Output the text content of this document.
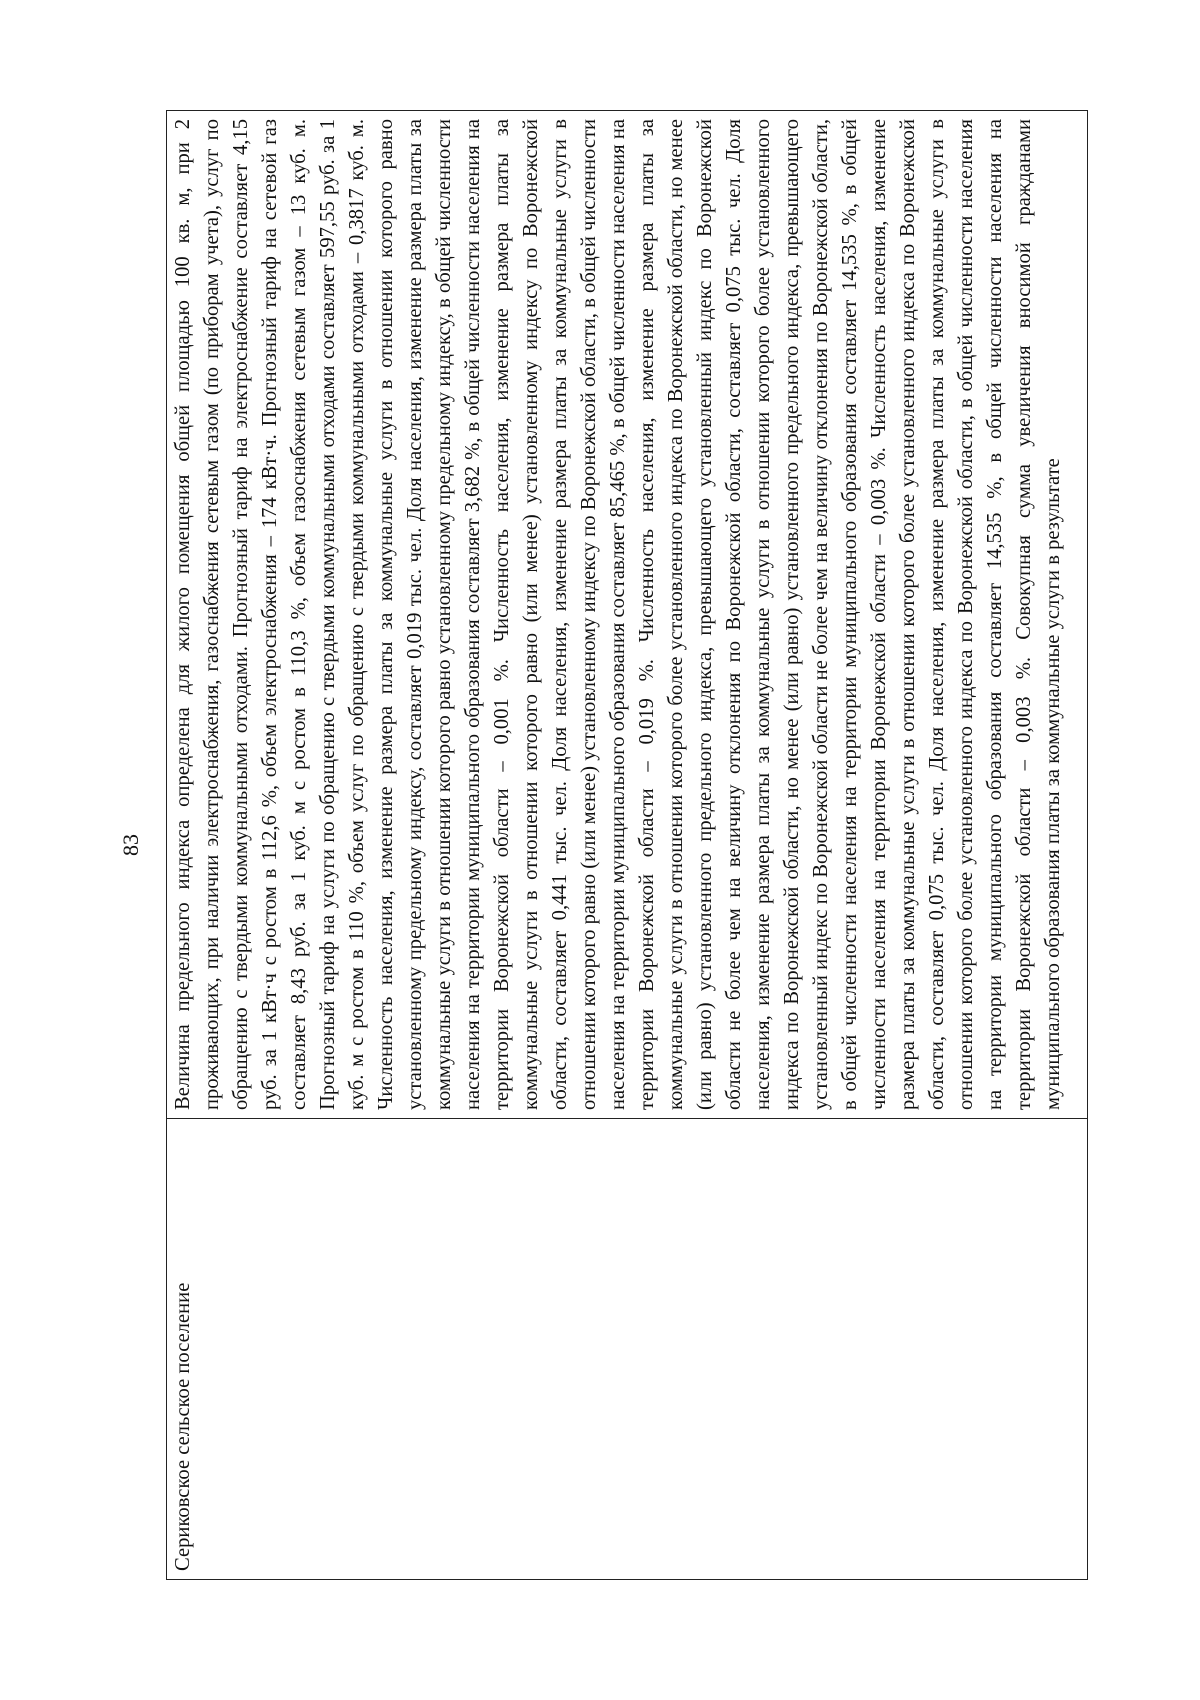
83
Сериковское сельское поселение	Величина предельного индекса определена для жилого помещения общей площадью 100 кв. м, при 2 проживающих, при наличии электроснабжения, газоснабжения сетевым газом (по приборам учета), услуг по обращению с твердыми коммунальными отходами. Прогнозный тариф на электроснабжение составляет 4,15 руб. за 1 кВт·ч с ростом в 112,6 %, объем электроснабжения – 174 кВт·ч. Прогнозный тариф на сетевой газ составляет 8,43 руб. за 1 куб. м с ростом в 110,3 %, объем газоснабжения сетевым газом – 13 куб. м. Прогнозный тариф на услуги по обращению с твердыми коммунальными отходами составляет 597,55 руб. за 1 куб. м с ростом в 110 %, объем услуг по обращению с твердыми коммунальными отходами – 0,3817 куб. м. Численность населения, изменение размера платы за коммунальные услуги в отношении которого равно установленному предельному индексу, составляет 0,019 тыс. чел. Доля населения, изменение размера платы за коммунальные услуги в отношении которого равно установленному предельному индексу, в общей численности населения на территории муниципального образования составляет 3,682 %, в общей численности населения на территории Воронежской области – 0,001 %. Численность населения, изменение размера платы за коммунальные услуги в отношении которого равно (или менее) установленному индексу по Воронежской области, составляет 0,441 тыс. чел. Доля населения, изменение размера платы за коммунальные услуги в отношении которого равно (или менее) установленному индексу по Воронежской области, в общей численности населения на территории муниципального образования составляет 85,465 %, в общей численности населения на территории Воронежской области – 0,019 %. Численность населения, изменение размера платы за коммунальные услуги в отношении которого более установленного индекса по Воронежской области, но менее (или равно) установленного предельного индекса, превышающего установленный индекс по Воронежской области не более чем на величину отклонения по Воронежской области, составляет 0,075 тыс. чел. Доля населения, изменение размера платы за коммунальные услуги в отношении которого более установленного индекса по Воронежской области, но менее (или равно) установленного предельного индекса, превышающего установленный индекс по Воронежской области не более чем на величину отклонения по Воронежской области, в общей численности населения на территории муниципального образования составляет 14,535 %, в общей численности населения на территории Воронежской области – 0,003 %. Численность населения, изменение размера платы за коммунальные услуги в отношении которого более установленного индекса по Воронежской области, составляет 0,075 тыс. чел. Доля населения, изменение размера платы за коммунальные услуги в отношении которого более установленного индекса по Воронежской области, в общей численности населения на территории муниципального образования составляет 14,535 %, в общей численности населения на территории Воронежской области – 0,003 %. Совокупная сумма увеличения вносимой гражданами муниципального образования платы за коммунальные услуги в результате
